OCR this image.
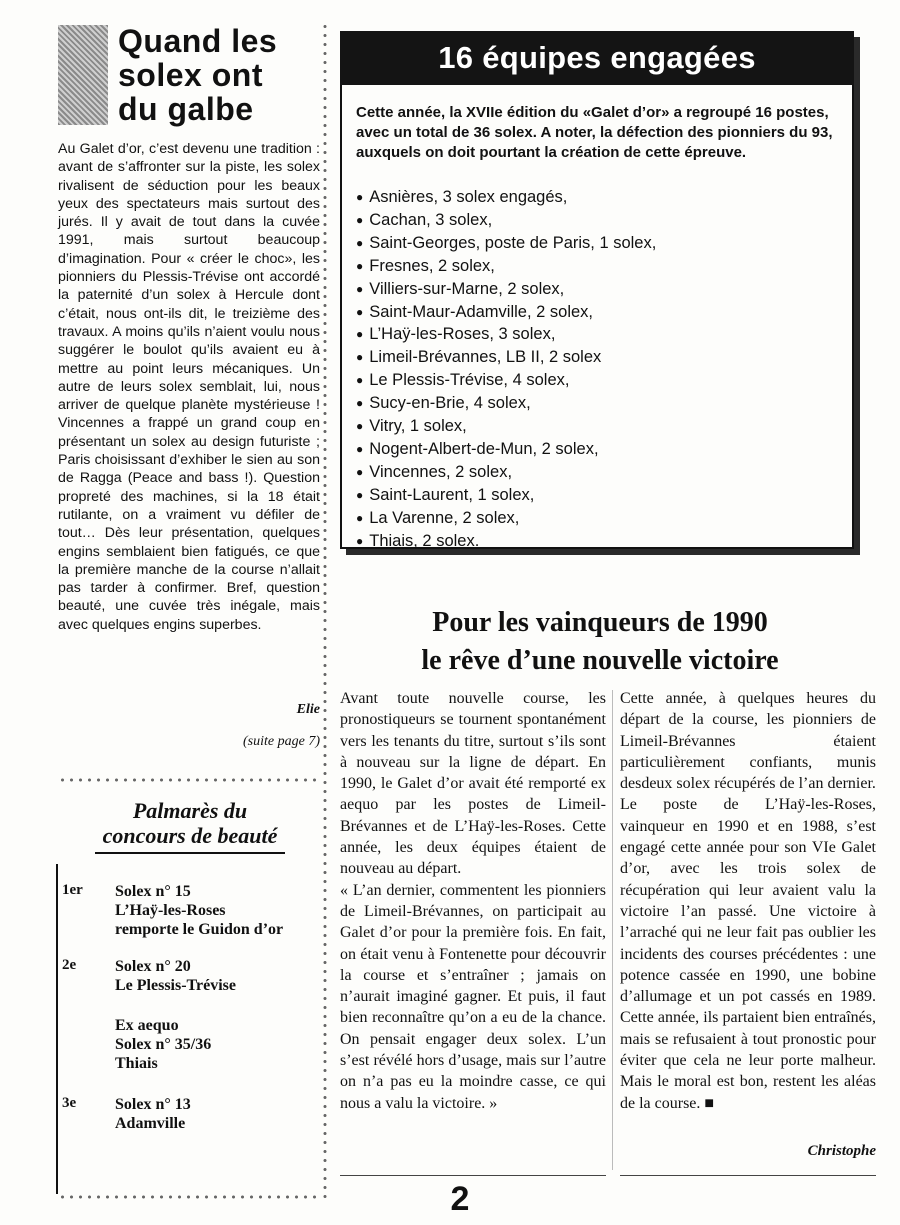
Quand les
solex ont
du galbe

Au Galet d’or, c’est devenu une tradition : avant de s’affronter sur la piste, les solex rivalisent de séduction pour les beaux yeux des spectateurs mais surtout des jurés. Il y avait de tout dans la cuvée 1991, mais surtout beaucoup d’imagination. Pour « créer le choc», les pionniers du Plessis-Trévise ont accordé la paternité d’un solex à Hercule dont c’était, nous ont-ils dit, le treizième des travaux. A moins qu’ils n’aient voulu nous suggérer le boulot qu’ils avaient eu à mettre au point leurs mécaniques. Un autre de leurs solex semblait, lui, nous arriver de quelque planète mystérieuse ! Vincennes a frappé un grand coup en présentant un solex au design futuriste ; Paris choisissant d’exhiber le sien au son de Ragga (Peace and bass !). Question propreté des machines, si la 18 était rutilante, on a vraiment vu défiler de tout… Dès leur présentation, quelques engins semblaient bien fatigués, ce que la première manche de la course n’allait pas tarder à confirmer. Bref, question beauté, une cuvée très inégale, mais avec quelques engins superbes.

Elie
(suite page 7)
Palmarès du
concours de beauté
1er Solex n° 15
L’Haÿ-les-Roses
remporte le Guidon d’or
2e Solex n° 20
Le Plessis-Trévise
Ex aequo
Solex n° 35/36
Thiais
3e Solex n° 13
Adamville
16 équipes engagées
Cette année, la XVIIe édition du «Galet d’or» a regroupé 16 postes, avec un total de 36 solex. A noter, la défection des pionniers du 93, auxquels on doit pourtant la création de cette épreuve.
● Asnières, 3 solex engagés,
● Cachan, 3 solex,
● Saint-Georges, poste de Paris, 1 solex,
● Fresnes, 2 solex,
● Villiers-sur-Marne, 2 solex,
● Saint-Maur-Adamville, 2 solex,
● L’Haÿ-les-Roses, 3 solex,
● Limeil-Brévannes, LB II, 2 solex
● Le Plessis-Trévise, 4 solex,
● Sucy-en-Brie, 4 solex,
● Vitry, 1 solex,
● Nogent-Albert-de-Mun, 2 solex,
● Vincennes, 2 solex,
● Saint-Laurent, 1 solex,
● La Varenne, 2 solex,
● Thiais, 2 solex.
Pour les vainqueurs de 1990
le rêve d’une nouvelle victoire

Avant toute nouvelle course, les pronostiqueurs se tournent spontanément vers les tenants du titre, surtout s’ils sont à nouveau sur la ligne de départ. En 1990, le Galet d’or avait été remporté ex aequo par les postes de Limeil-Brévannes et de L’Haÿ-les-Roses. Cette année, les deux équipes étaient de nouveau au départ.

« L’an dernier, commentent les pionniers de Limeil-Brévannes, on participait au Galet d’or pour la première fois. En fait, on était venu à Fontenette pour découvrir la course et s’entraîner ; jamais on n’aurait imaginé gagner. Et puis, il faut bien reconnaître qu’on a eu de la chance. On pensait engager deux solex. L’un s’est révélé hors d’usage, mais sur l’autre on n’a pas eu la moindre casse, ce qui nous a valu la victoire. »

Cette année, à quelques heures du départ de la course, les pionniers de Limeil-Brévannes étaient particulièrement confiants, munis desdeux solex récupérés de l’an dernier.

Le poste de L’Haÿ-les-Roses, vainqueur en 1990 et en 1988, s’est engagé cette année pour son VIe Galet d’or, avec les trois solex de récupération qui leur avaient valu la victoire l’an passé. Une victoire à l’arraché qui ne leur fait pas oublier les incidents des courses précédentes : une potence cassée en 1990, une bobine d’allumage et un pot cassés en 1989. Cette année, ils partaient bien entraînés, mais se refusaient à tout pronostic pour éviter que cela ne leur porte malheur. Mais le moral est bon, restent les aléas de la course. ■

Christophe
2
